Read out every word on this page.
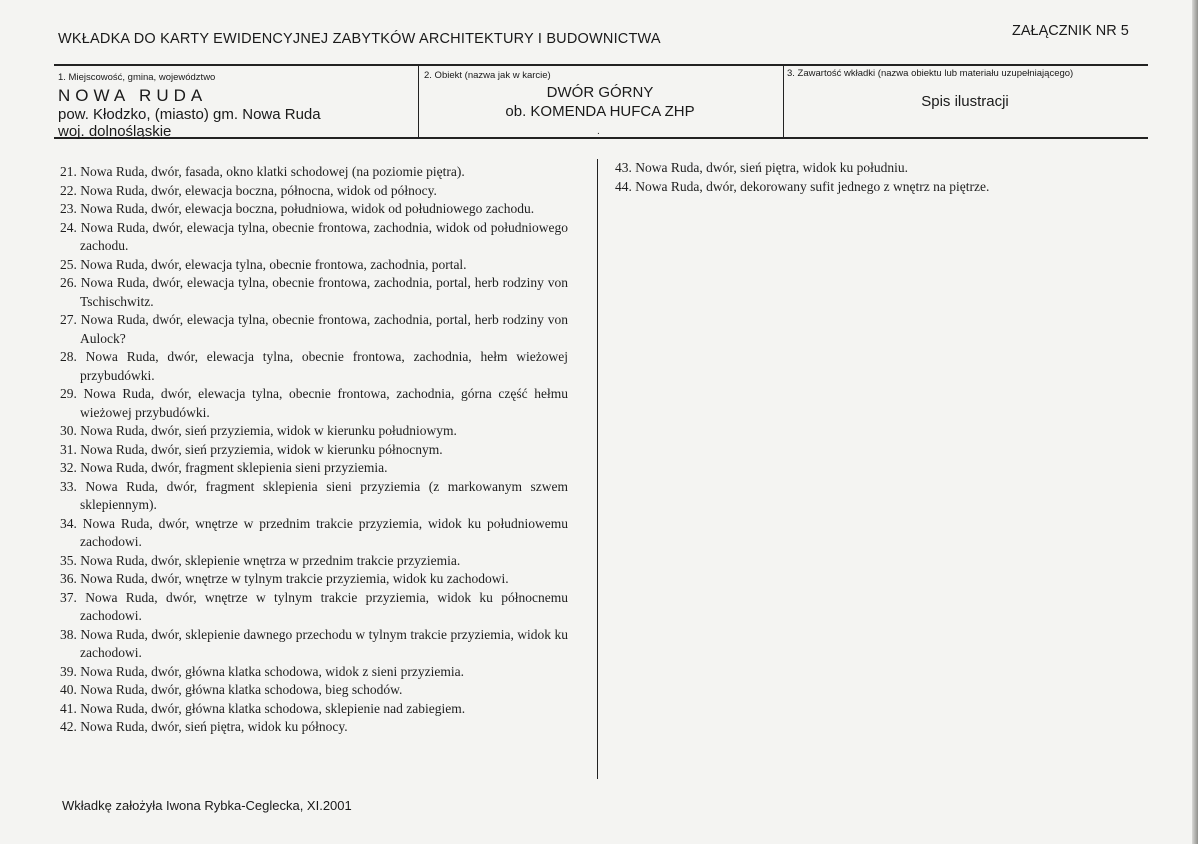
WKŁADKA DO KARTY EWIDENCYJNEJ ZABYTKÓW ARCHITEKTURY I BUDOWNICTWA	ZAŁĄCZNIK NR 5
1. Miejscowość, gmina, województwo
NOWA RUDA
pow. Kłodzko, (miasto) gm. Nowa Ruda
woj. dolnośląskie
2. Obiekt (nazwa jak w karcie)
DWÓR GÓRNY
ob. KOMENDA HUFCA ZHP
.
3. Zawartość wkładki (nazwa obiektu lub materiału uzupełniającego)
Spis ilustracji

21. Nowa Ruda, dwór, fasada, okno klatki schodowej (na poziomie piętra).

22. Nowa Ruda, dwór, elewacja boczna, północna, widok od północy.

23. Nowa Ruda, dwór, elewacja boczna, południowa, widok od południowego zachodu.

24. Nowa Ruda, dwór, elewacja tylna, obecnie frontowa, zachodnia, widok od południowego zachodu.

25. Nowa Ruda, dwór, elewacja tylna, obecnie frontowa, zachodnia, portal.

26. Nowa Ruda, dwór, elewacja tylna, obecnie frontowa, zachodnia, portal, herb rodziny von Tschischwitz.

27. Nowa Ruda, dwór, elewacja tylna, obecnie frontowa, zachodnia, portal, herb rodziny von Aulock?

28. Nowa Ruda, dwór, elewacja tylna, obecnie frontowa, zachodnia, hełm wieżowej przybudówki.

29. Nowa Ruda, dwór, elewacja tylna, obecnie frontowa, zachodnia, górna część hełmu wieżowej przybudówki.

30. Nowa Ruda, dwór, sień przyziemia, widok w kierunku południowym.

31. Nowa Ruda, dwór, sień przyziemia, widok w kierunku północnym.

32. Nowa Ruda, dwór, fragment sklepienia sieni przyziemia.

33. Nowa Ruda, dwór, fragment sklepienia sieni przyziemia (z markowanym szwem sklepiennym).

34. Nowa Ruda, dwór, wnętrze w przednim trakcie przyziemia, widok ku południowemu zachodowi.

35. Nowa Ruda, dwór, sklepienie wnętrza w przednim trakcie przyziemia.

36. Nowa Ruda, dwór, wnętrze w tylnym trakcie przyziemia, widok ku zachodowi.

37. Nowa Ruda, dwór, wnętrze w tylnym trakcie przyziemia, widok ku północnemu zachodowi.

38. Nowa Ruda, dwór, sklepienie dawnego przechodu w tylnym trakcie przyziemia, widok ku zachodowi.

39. Nowa Ruda, dwór, główna klatka schodowa, widok z sieni przyziemia.

40. Nowa Ruda, dwór, główna klatka schodowa, bieg schodów.

41. Nowa Ruda, dwór, główna klatka schodowa, sklepienie nad zabiegiem.

42. Nowa Ruda, dwór, sień piętra, widok ku północy.

43. Nowa Ruda, dwór, sień piętra, widok ku południu.

44. Nowa Ruda, dwór, dekorowany sufit jednego z wnętrz na piętrze.

Wkładkę założyła Iwona Rybka-Ceglecka, XI.2001
